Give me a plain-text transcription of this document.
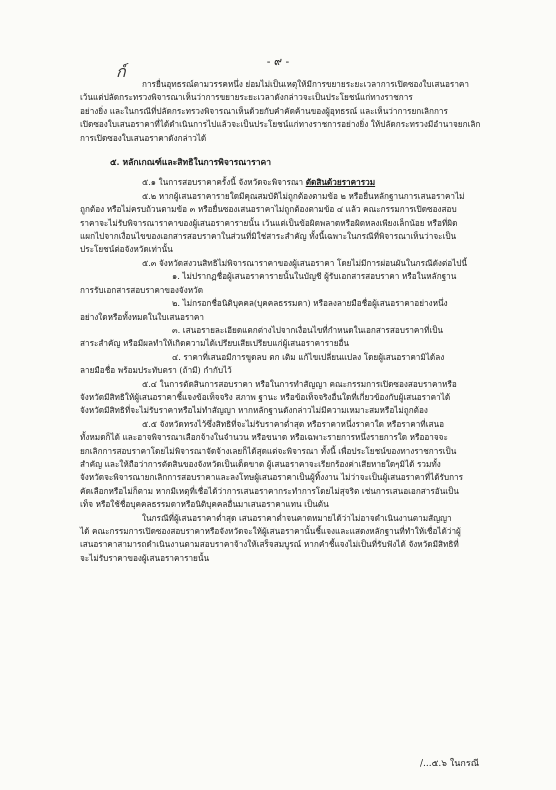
- ๙ -
ก์

การยื่นอุทธรณ์ตามวรรคหนึ่ง ย่อมไม่เป็นเหตุให้มีการขยายระยะเวลาการเปิดซองใบเสนอราคา

เว้นแต่ปลัดกระทรวงพิจารณาเห็นว่าการขยายระยะเวลาดังกล่าวจะเป็นประโยชน์แก่ทางราชการ

อย่างยิ่ง และในกรณีที่ปลัดกระทรวงพิจารณาเห็นด้วยกับคำคัดค้านของผู้อุทธรณ์ และเห็นว่าการยกเลิกการ

เปิดซองใบเสนอราคาที่ได้ดำเนินการไปแล้วจะเป็นประโยชน์แก่ทางราชการอย่างยิ่ง ให้ปลัดกระทรวงมีอำนาจยกเลิก

การเปิดซองใบเสนอราคาดังกล่าวได้

๕. หลักเกณฑ์และสิทธิในการพิจารณาราคา

๕.๑ ในการสอบราคาครั้งนี้ จังหวัดจะพิจารณา ตัดสินด้วยราคารวม

๕.๒ หากผู้เสนอราคารายใดมีคุณสมบัติไม่ถูกต้องตามข้อ ๒ หรือยื่นหลักฐานการเสนอราคาไม่

ถูกต้อง หรือไม่ครบถ้วนตามข้อ ๓ หรือยื่นซองเสนอราคาไม่ถูกต้องตามข้อ ๔ แล้ว คณะกรรมการเปิดซองสอบ

ราคาจะไม่รับพิจารณาราคาของผู้เสนอราคารายนั้น เว้นแต่เป็นข้อผิดพลาดหรือผิดหลงเพียงเล็กน้อย หรือที่ผิด

แผกไปจากเงื่อนไขของเอกสารสอบราคาในส่วนที่มิใช่สาระสำคัญ ทั้งนี้เฉพาะในกรณีที่พิจารณาเห็นว่าจะเป็น

ประโยชน์ต่อจังหวัดเท่านั้น

๕.๓ จังหวัดสงวนสิทธิไม่พิจารณาราคาของผู้เสนอราคา โดยไม่มีการผ่อนผันในกรณีดังต่อไปนี้

๑. ไม่ปรากฏชื่อผู้เสนอราคารายนั้นในบัญชี ผู้รับเอกสารสอบราคา หรือในหลักฐาน

การรับเอกสารสอบราคาของจังหวัด

๒. ไม่กรอกชื่อนิติบุคคล(บุคคลธรรมดา) หรือลงลายมือชื่อผู้เสนอราคาอย่างหนึ่ง

อย่างใดหรือทั้งหมดในใบเสนอราคา

๓. เสนอรายละเอียดแตกต่างไปจากเงื่อนไขที่กำหนดในเอกสารสอบราคาที่เป็น

สาระสำคัญ หรือมีผลทำให้เกิดความได้เปรียบเสียเปรียบแก่ผู้เสนอราคารายอื่น

๔. ราคาที่เสนอมีการขูดลบ ตก เติม แก้ไขเปลี่ยนแปลง โดยผู้เสนอราคามิได้ลง

ลายมือชื่อ พร้อมประทับตรา (ถ้ามี) กำกับไว้

๕.๔ ในการตัดสินการสอบราคา หรือในการทำสัญญา คณะกรรมการเปิดซองสอบราคาหรือ

จังหวัดมีสิทธิให้ผู้เสนอราคาชี้แจงข้อเท็จจริง สภาพ ฐานะ หรือข้อเท็จจริงอื่นใดที่เกี่ยวข้องกับผู้เสนอราคาได้

จังหวัดมีสิทธิที่จะไม่รับราคาหรือไม่ทำสัญญา หากหลักฐานดังกล่าวไม่มีความเหมาะสมหรือไม่ถูกต้อง

๕.๕ จังหวัดทรงไว้ซึ่งสิทธิที่จะไม่รับราคาต่ำสุด หรือราคาหนึ่งราคาใด หรือราคาที่เสนอ

ทั้งหมดก็ได้ และอาจพิจารณาเลือกจ้างในจำนวน หรือขนาด หรือเฉพาะรายการหนึ่งรายการใด หรืออาจจะ

ยกเลิกการสอบราคาโดยไม่พิจารณาจัดจ้างเลยก็ได้สุดแต่จะพิจารณา ทั้งนี้ เพื่อประโยชน์ของทางราชการเป็น

สำคัญ และให้ถือว่าการตัดสินของจังหวัดเป็นเด็ดขาด ผู้เสนอราคาจะเรียกร้องค่าเสียหายใดๆมิได้ รวมทั้ง

จังหวัดจะพิจารณายกเลิกการสอบราคาและลงโทษผู้เสนอราคาเป็นผู้ทิ้งงาน ไม่ว่าจะเป็นผู้เสนอราคาที่ได้รับการ

คัดเลือกหรือไม่ก็ตาม หากมีเหตุที่เชื่อได้ว่าการเสนอราคากระทำการโดยไม่สุจริต เช่นการเสนอเอกสารอันเป็น

เท็จ หรือใช้ชื่อบุคคลธรรมดาหรือนิติบุคคลอื่นมาเสนอราคาแทน เป็นต้น

ในกรณีที่ผู้เสนอราคาต่ำสุด เสนอราคาต่ำจนคาดหมายได้ว่าไม่อาจดำเนินงานตามสัญญา

ได้ คณะกรรมการเปิดซองสอบราคาหรือจังหวัดจะให้ผู้เสนอราคานั้นชี้แจงและแสดงหลักฐานที่ทำให้เชื่อได้ว่าผู้

เสนอราคาสามารถดำเนินงานตามสอบราคาจ้างให้เสร็จสมบูรณ์ หากคำชี้แจงไม่เป็นที่รับฟังได้ จังหวัดมีสิทธิที่

จะไม่รับราคาของผู้เสนอราคารายนั้น

/...๕.๖ ในกรณี
